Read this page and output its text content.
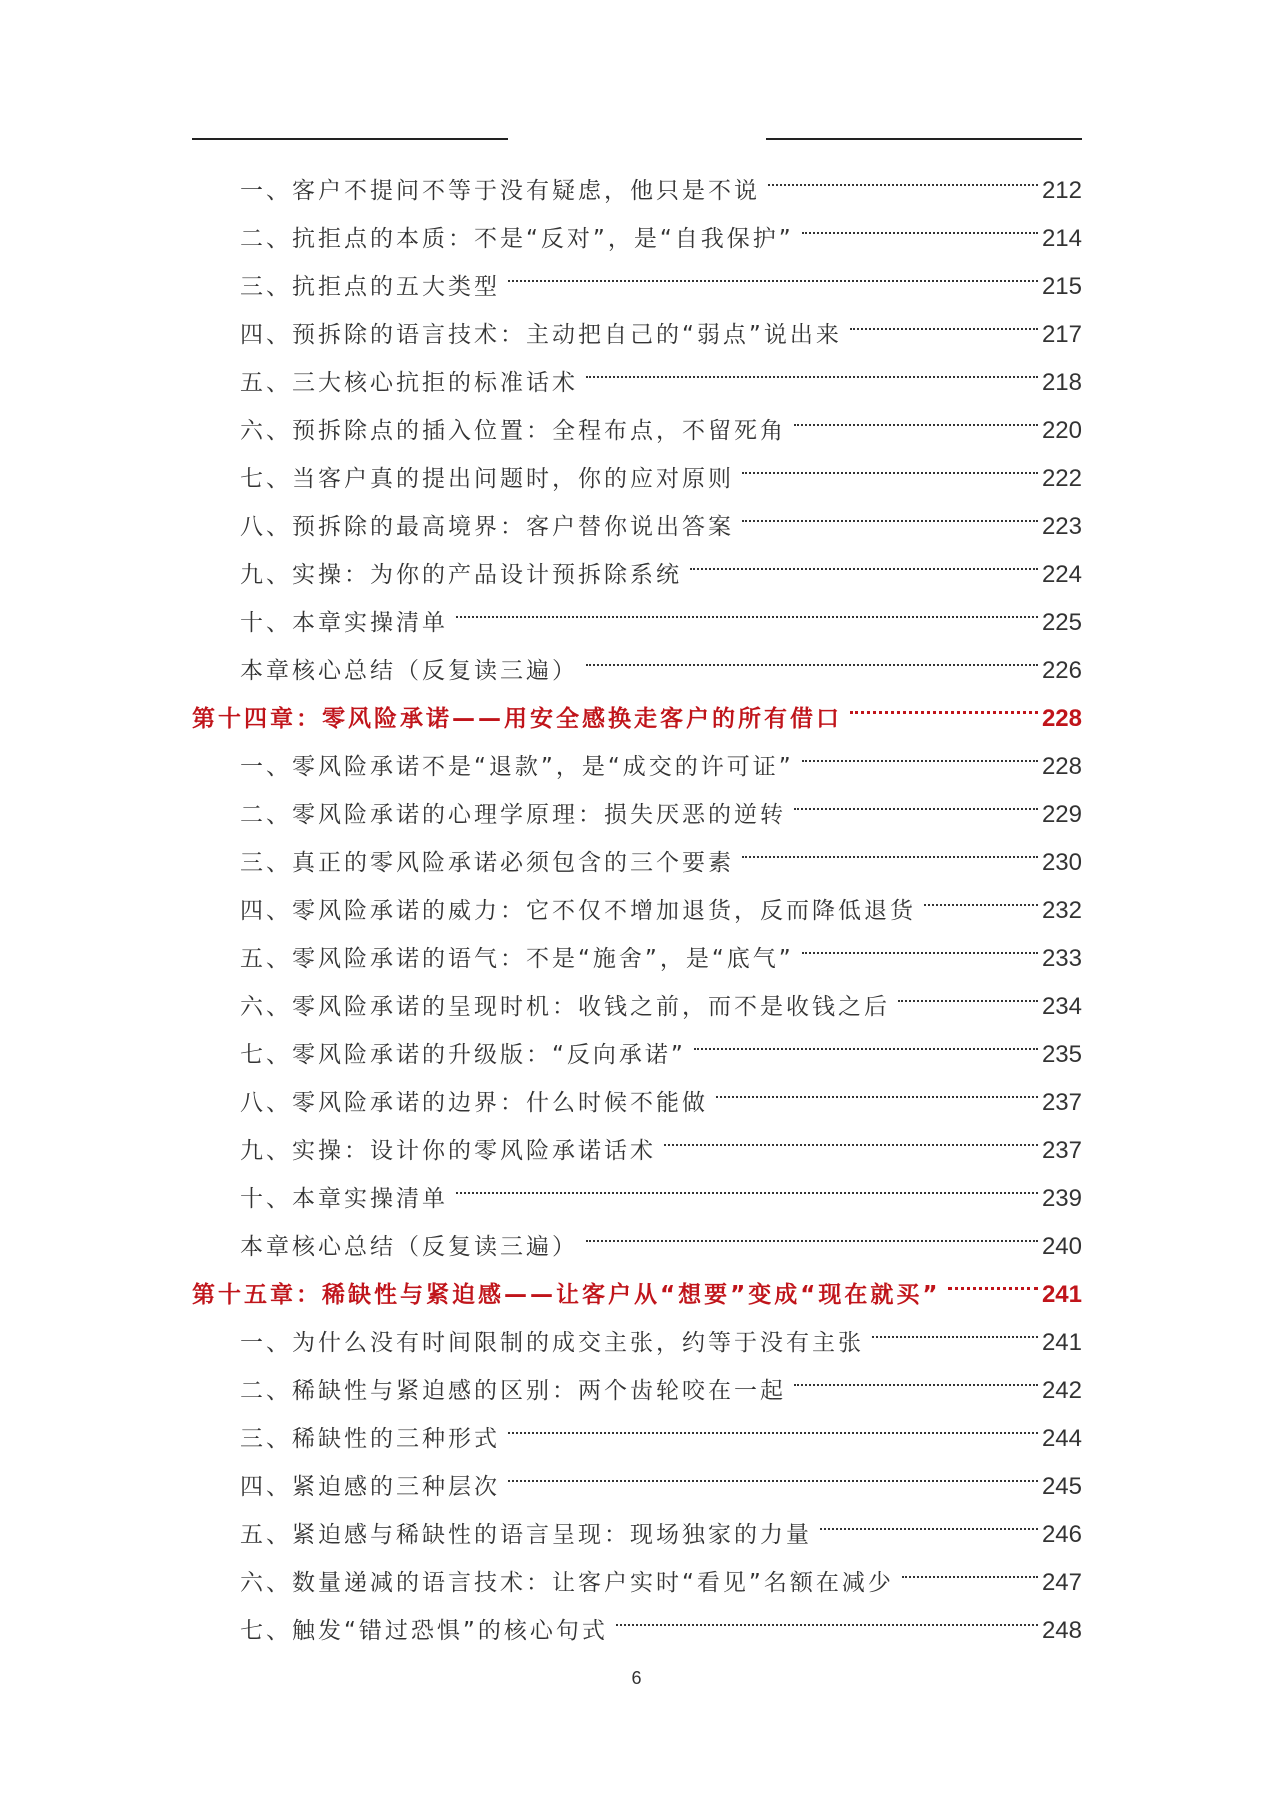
一、客户不提问不等于没有疑虑，他只是不说	212
二、抗拒点的本质：不是“反对”，是“自我保护”	214
三、抗拒点的五大类型	215
四、预拆除的语言技术：主动把自己的“弱点”说出来	217
五、三大核心抗拒的标准话术	218
六、预拆除点的插入位置：全程布点，不留死角	220
七、当客户真的提出问题时，你的应对原则	222
八、预拆除的最高境界：客户替你说出答案	223
九、实操：为你的产品设计预拆除系统	224
十、本章实操清单	225
本章核心总结（反复读三遍）	226
第十四章：零风险承诺——用安全感换走客户的所有借口	228
一、零风险承诺不是“退款”，是“成交的许可证”	228
二、零风险承诺的心理学原理：损失厌恶的逆转	229
三、真正的零风险承诺必须包含的三个要素	230
四、零风险承诺的威力：它不仅不增加退货，反而降低退货	232
五、零风险承诺的语气：不是“施舍”，是“底气”	233
六、零风险承诺的呈现时机：收钱之前，而不是收钱之后	234
七、零风险承诺的升级版：“反向承诺”	235
八、零风险承诺的边界：什么时候不能做	237
九、实操：设计你的零风险承诺话术	237
十、本章实操清单	239
本章核心总结（反复读三遍）	240
第十五章：稀缺性与紧迫感——让客户从“想要”变成“现在就买”	241
一、为什么没有时间限制的成交主张，约等于没有主张	241
二、稀缺性与紧迫感的区别：两个齿轮咬在一起	242
三、稀缺性的三种形式	244
四、紧迫感的三种层次	245
五、紧迫感与稀缺性的语言呈现：现场独家的力量	246
六、数量递减的语言技术：让客户实时“看见”名额在减少	247
七、触发“错过恐惧”的核心句式	248
6
